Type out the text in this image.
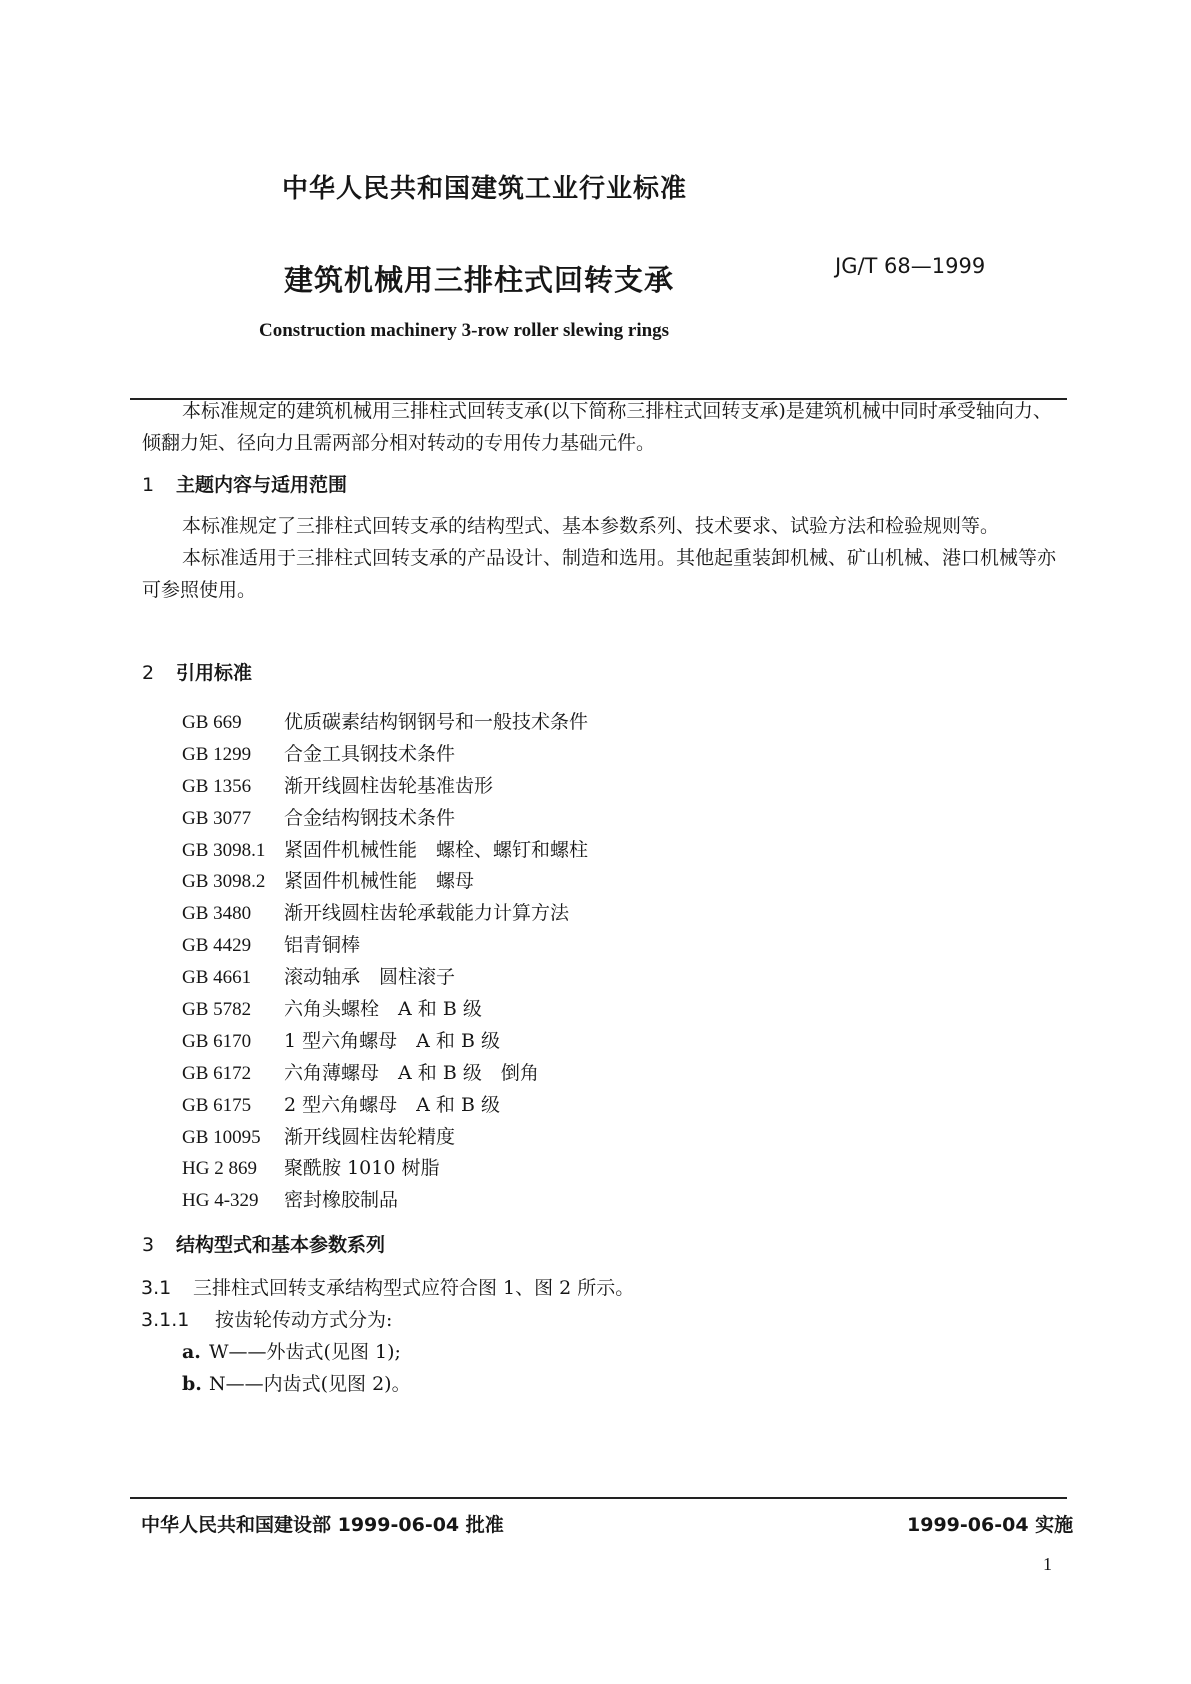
中华人民共和国建筑工业行业标准
建筑机械用三排柱式回转支承	JG/T 68—1999
Construction machinery 3-row roller slewing rings
本标准规定的建筑机械用三排柱式回转支承(以下简称三排柱式回转支承)是建筑机械中同时承受轴向力、倾翻力矩、径向力且需两部分相对转动的专用传力基础元件。
1 主题内容与适用范围
本标准规定了三排柱式回转支承的结构型式、基本参数系列、技术要求、试验方法和检验规则等。
本标准适用于三排柱式回转支承的产品设计、制造和选用。其他起重装卸机械、矿山机械、港口机械等亦可参照使用。
2 引用标准
GB 669 优质碳素结构钢钢号和一般技术条件
GB 1299 合金工具钢技术条件
GB 1356 渐开线圆柱齿轮基准齿形
GB 3077 合金结构钢技术条件
GB 3098.1 紧固件机械性能　螺栓、螺钉和螺柱
GB 3098.2 紧固件机械性能　螺母
GB 3480 渐开线圆柱齿轮承载能力计算方法
GB 4429 铝青铜棒
GB 4661 滚动轴承　圆柱滚子
GB 5782 六角头螺栓　A 和 B 级
GB 6170 1 型六角螺母　A 和 B 级
GB 6172 六角薄螺母　A 和 B 级　倒角
GB 6175 2 型六角螺母　A 和 B 级
GB 10095 渐开线圆柱齿轮精度
HG 2 869 聚酰胺 1010 树脂
HG 4-329 密封橡胶制品
3 结构型式和基本参数系列
3.1 三排柱式回转支承结构型式应符合图 1、图 2 所示。
3.1.1 按齿轮传动方式分为:
a. W——外齿式(见图 1);
b. N——内齿式(见图 2)。
中华人民共和国建设部 1999-06-04 批准	1999-06-04 实施
1
